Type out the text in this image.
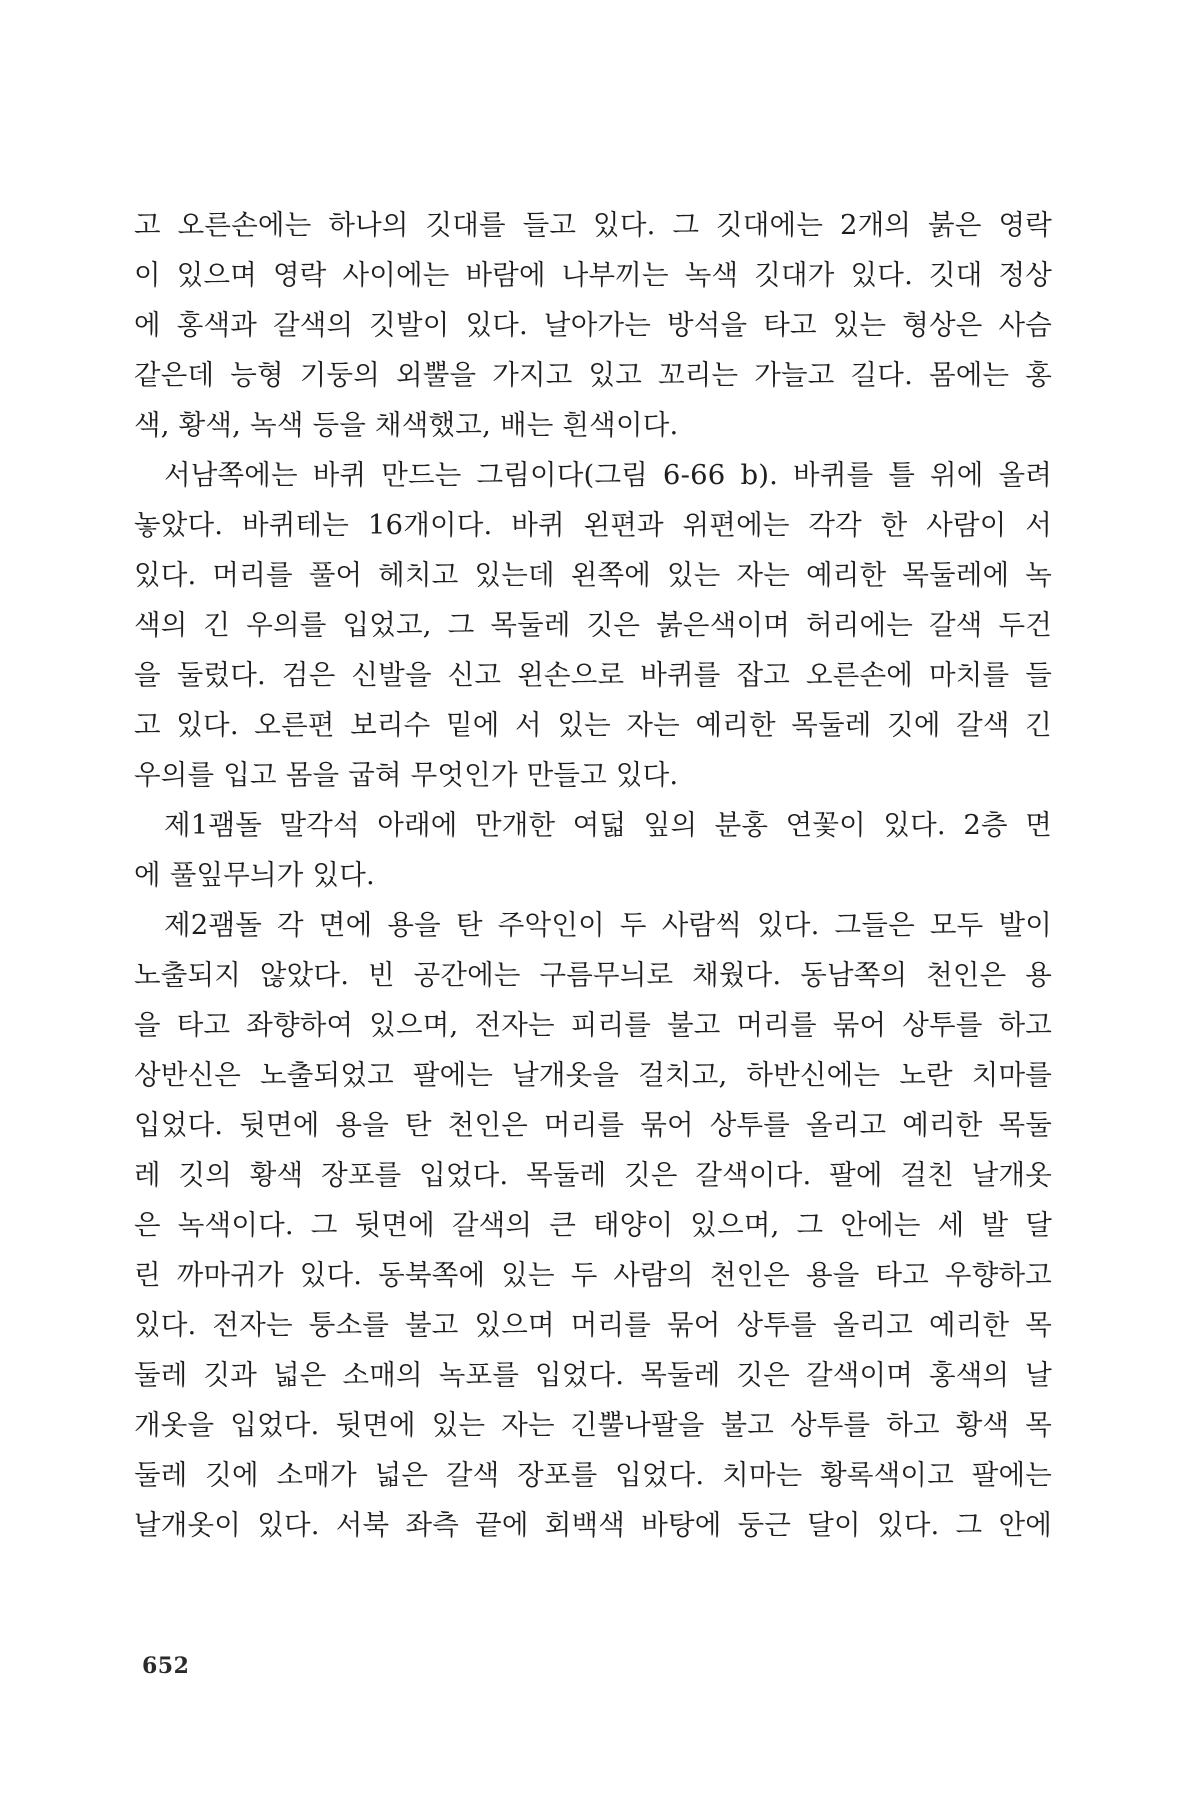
고 오른손에는 하나의 깃대를 들고 있다. 그 깃대에는 2개의 붉은 영락
이 있으며 영락 사이에는 바람에 나부끼는 녹색 깃대가 있다. 깃대 정상
에 홍색과 갈색의 깃발이 있다. 날아가는 방석을 타고 있는 형상은 사슴
같은데 능형 기둥의 외뿔을 가지고 있고 꼬리는 가늘고 길다. 몸에는 홍
색, 황색, 녹색 등을 채색했고, 배는 흰색이다.
서남쪽에는 바퀴 만드는 그림이다(그림 6-66 b). 바퀴를 틀 위에 올려
놓았다. 바퀴테는 16개이다. 바퀴 왼편과 위편에는 각각 한 사람이 서
있다. 머리를 풀어 헤치고 있는데 왼쪽에 있는 자는 예리한 목둘레에 녹
색의 긴 우의를 입었고, 그 목둘레 깃은 붉은색이며 허리에는 갈색 두건
을 둘렀다. 검은 신발을 신고 왼손으로 바퀴를 잡고 오른손에 마치를 들
고 있다. 오른편 보리수 밑에 서 있는 자는 예리한 목둘레 깃에 갈색 긴
우의를 입고 몸을 굽혀 무엇인가 만들고 있다.
제1괨돌 말각석 아래에 만개한 여덟 잎의 분홍 연꽃이 있다. 2층 면
에 풀잎무늬가 있다.
제2괨돌 각 면에 용을 탄 주악인이 두 사람씩 있다. 그들은 모두 발이
노출되지 않았다. 빈 공간에는 구름무늬로 채웠다. 동남쪽의 천인은 용
을 타고 좌향하여 있으며, 전자는 피리를 불고 머리를 묶어 상투를 하고
상반신은 노출되었고 팔에는 날개옷을 걸치고, 하반신에는 노란 치마를
입었다. 뒷면에 용을 탄 천인은 머리를 묶어 상투를 올리고 예리한 목둘
레 깃의 황색 장포를 입었다. 목둘레 깃은 갈색이다. 팔에 걸친 날개옷
은 녹색이다. 그 뒷면에 갈색의 큰 태양이 있으며, 그 안에는 세 발 달
린 까마귀가 있다. 동북쪽에 있는 두 사람의 천인은 용을 타고 우향하고
있다. 전자는 퉁소를 불고 있으며 머리를 묶어 상투를 올리고 예리한 목
둘레 깃과 넓은 소매의 녹포를 입었다. 목둘레 깃은 갈색이며 홍색의 날
개옷을 입었다. 뒷면에 있는 자는 긴뿔나팔을 불고 상투를 하고 황색 목
둘레 깃에 소매가 넓은 갈색 장포를 입었다. 치마는 황록색이고 팔에는
날개옷이 있다. 서북 좌측 끝에 회백색 바탕에 둥근 달이 있다. 그 안에
652
